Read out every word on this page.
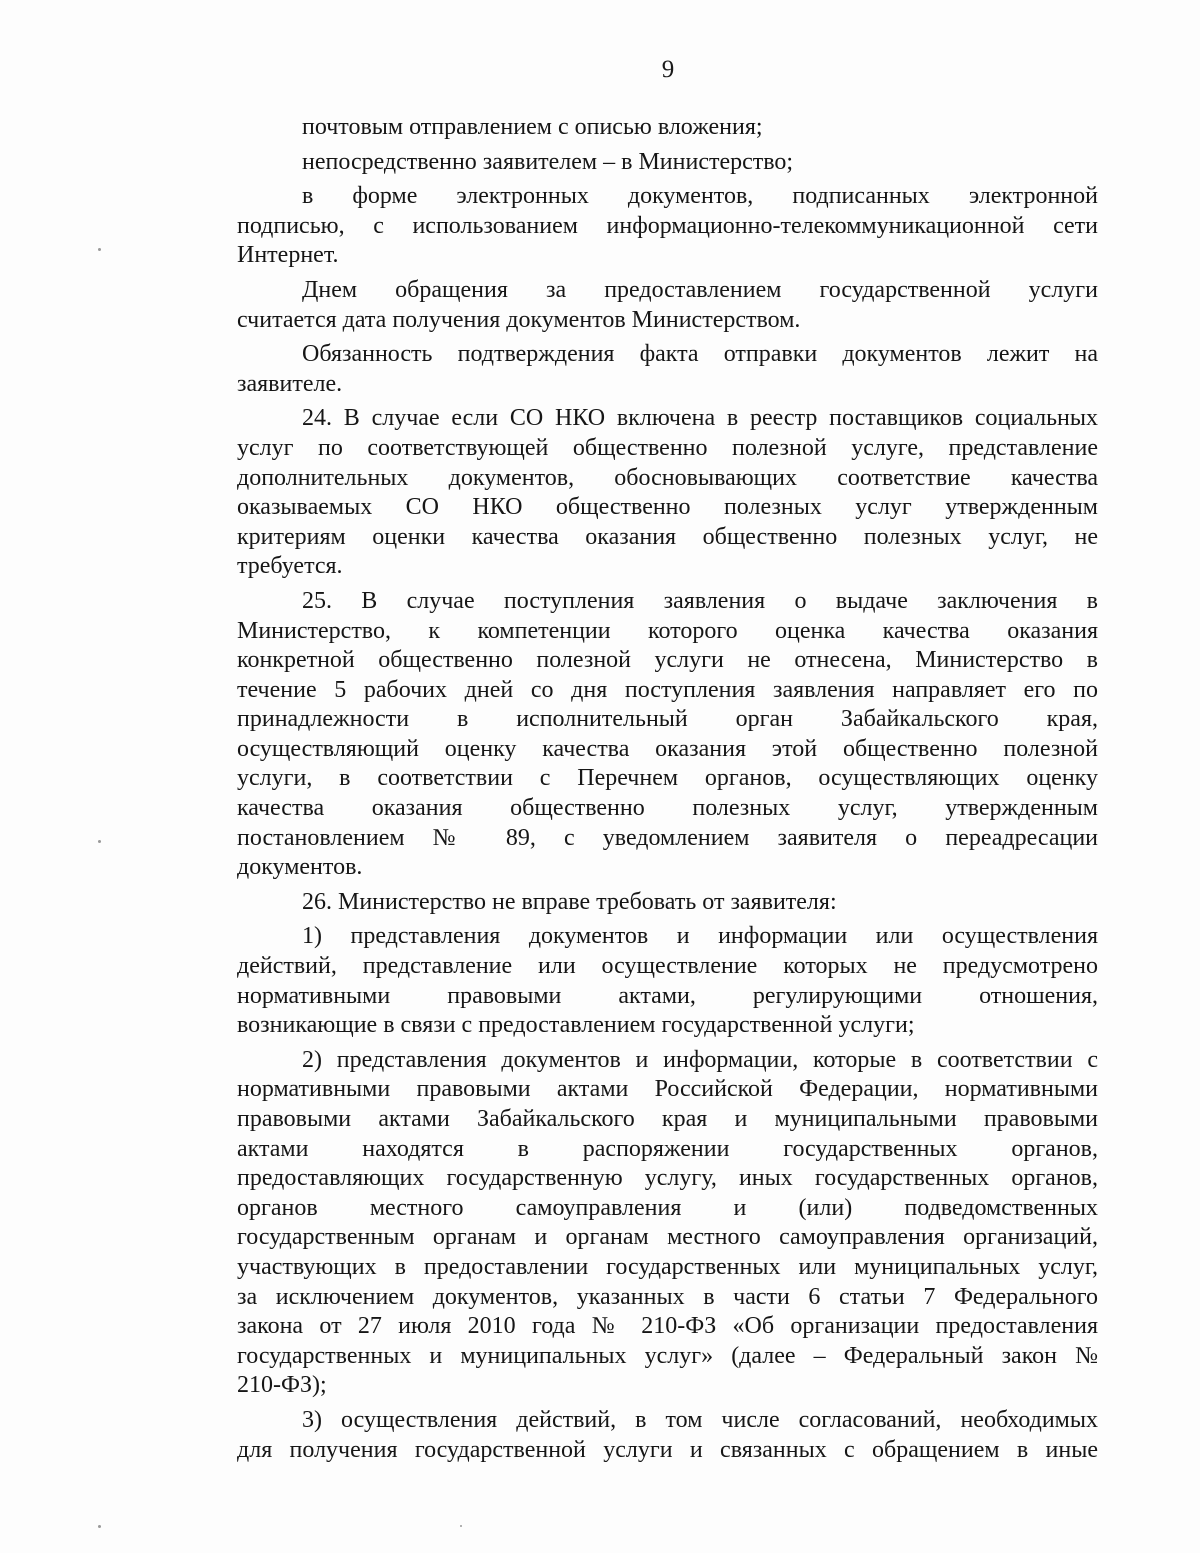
9
почтовым отправлением с описью вложения;
непосредственно заявителем – в Министерство;
в форме электронных документов, подписанных электронной
подписью, с использованием информационно-телекоммуникационной сети
Интернет.
Днем обращения за предоставлением государственной услуги
считается дата получения документов Министерством.
Обязанность подтверждения факта отправки документов лежит на
заявителе.
24. В случае если СО НКО включена в реестр поставщиков социальных
услуг по соответствующей общественно полезной услуге, представление
дополнительных документов, обосновывающих соответствие качества
оказываемых СО НКО общественно полезных услуг утвержденным
критериям оценки качества оказания общественно полезных услуг, не
требуется.
25. В случае поступления заявления о выдаче заключения в
Министерство, к компетенции которого оценка качества оказания
конкретной общественно полезной услуги не отнесена, Министерство в
течение 5 рабочих дней со дня поступления заявления направляет его по
принадлежности в исполнительный орган Забайкальского края,
осуществляющий оценку качества оказания этой общественно полезной
услуги, в соответствии с Перечнем органов, осуществляющих оценку
качества оказания общественно полезных услуг, утвержденным
постановлением № 89, с уведомлением заявителя о переадресации
документов.
26. Министерство не вправе требовать от заявителя:
1) представления документов и информации или осуществления
действий, представление или осуществление которых не предусмотрено
нормативными правовыми актами, регулирующими отношения,
возникающие в связи с предоставлением государственной услуги;
2) представления документов и информации, которые в соответствии с
нормативными правовыми актами Российской Федерации, нормативными
правовыми актами Забайкальского края и муниципальными правовыми
актами находятся в распоряжении государственных органов,
предоставляющих государственную услугу, иных государственных органов,
органов местного самоуправления и (или) подведомственных
государственным органам и органам местного самоуправления организаций,
участвующих в предоставлении государственных или муниципальных услуг,
за исключением документов, указанных в части 6 статьи 7 Федерального
закона от 27 июля 2010 года № 210-ФЗ «Об организации предоставления
государственных и муниципальных услуг» (далее – Федеральный закон №
210-ФЗ);
3) осуществления действий, в том числе согласований, необходимых
для получения государственной услуги и связанных с обращением в иные
